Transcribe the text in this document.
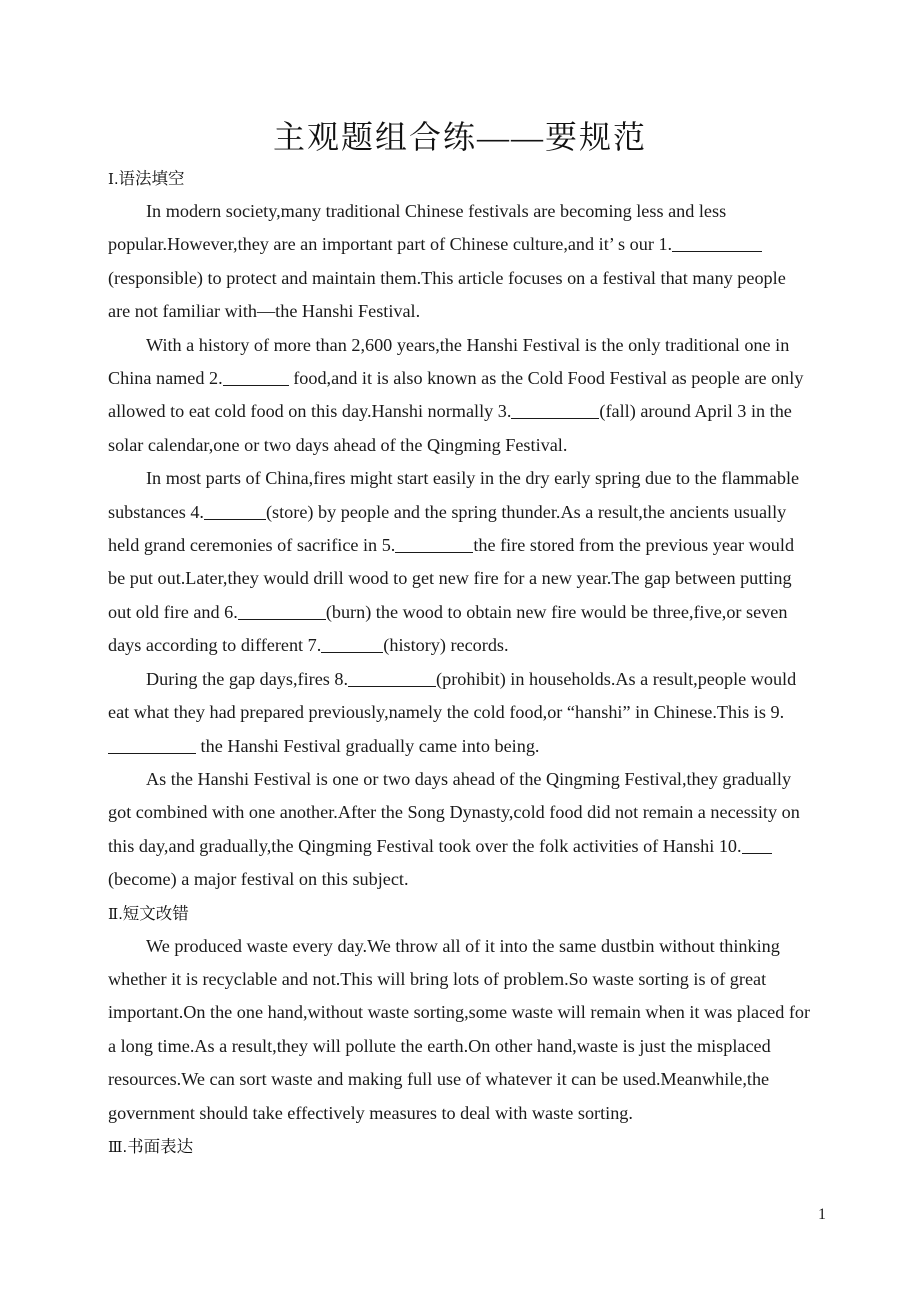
主观题组合练——要规范
Ⅰ.语法填空

In modern society,many traditional Chinese festivals are becoming less and less popular.However,they are an important part of Chinese culture,and it’ s our 1.(responsible) to protect and maintain them.This article focuses on a festival that many people are not familiar with—the Hanshi Festival.

With a history of more than 2,600 years,the Hanshi Festival is the only traditional one in China named 2.	food,and it is also known as the Cold Food Festival as people are only allowed to eat cold food on this day.Hanshi normally 3.	(fall) around April 3 in the solar calendar,one or two days ahead of the Qingming Festival.

In most parts of China,fires might start easily in the dry early spring due to the flammable substances 4.	(store) by people and the spring thunder.As a result,the ancients usually held grand ceremonies of sacrifice in 5.	the fire stored from the previous year would be put out.Later,they would drill wood to get new fire for a new year.The gap between putting out old fire and 6.	(burn) the wood to obtain new fire would be three,five,or seven days according to different 7.	(history) records.

During the gap days,fires 8.	(prohibit) in households.As a result,people would eat what they had prepared previously,namely the cold food,or “hanshi” in Chinese.This is 9. the Hanshi Festival gradually came into being.

As the Hanshi Festival is one or two days ahead of the Qingming Festival,they gradually got combined with one another.After the Song Dynasty,cold food did not remain a necessity on this day,and gradually,the Qingming Festival took over the folk activities of Hanshi 10.(become) a major festival on this subject.

Ⅱ.短文改错

We produced waste every day.We throw all of it into the same dustbin without thinking whether it is recyclable and not.This will bring lots of problem.So waste sorting is of great important.On the one hand,without waste sorting,some waste will remain when it was placed for a long time.As a result,they will pollute the earth.On other hand,waste is just the misplaced resources.We can sort waste and making full use of whatever it can be used.Meanwhile,the government should take effectively measures to deal with waste sorting.

Ⅲ.书面表达
1
